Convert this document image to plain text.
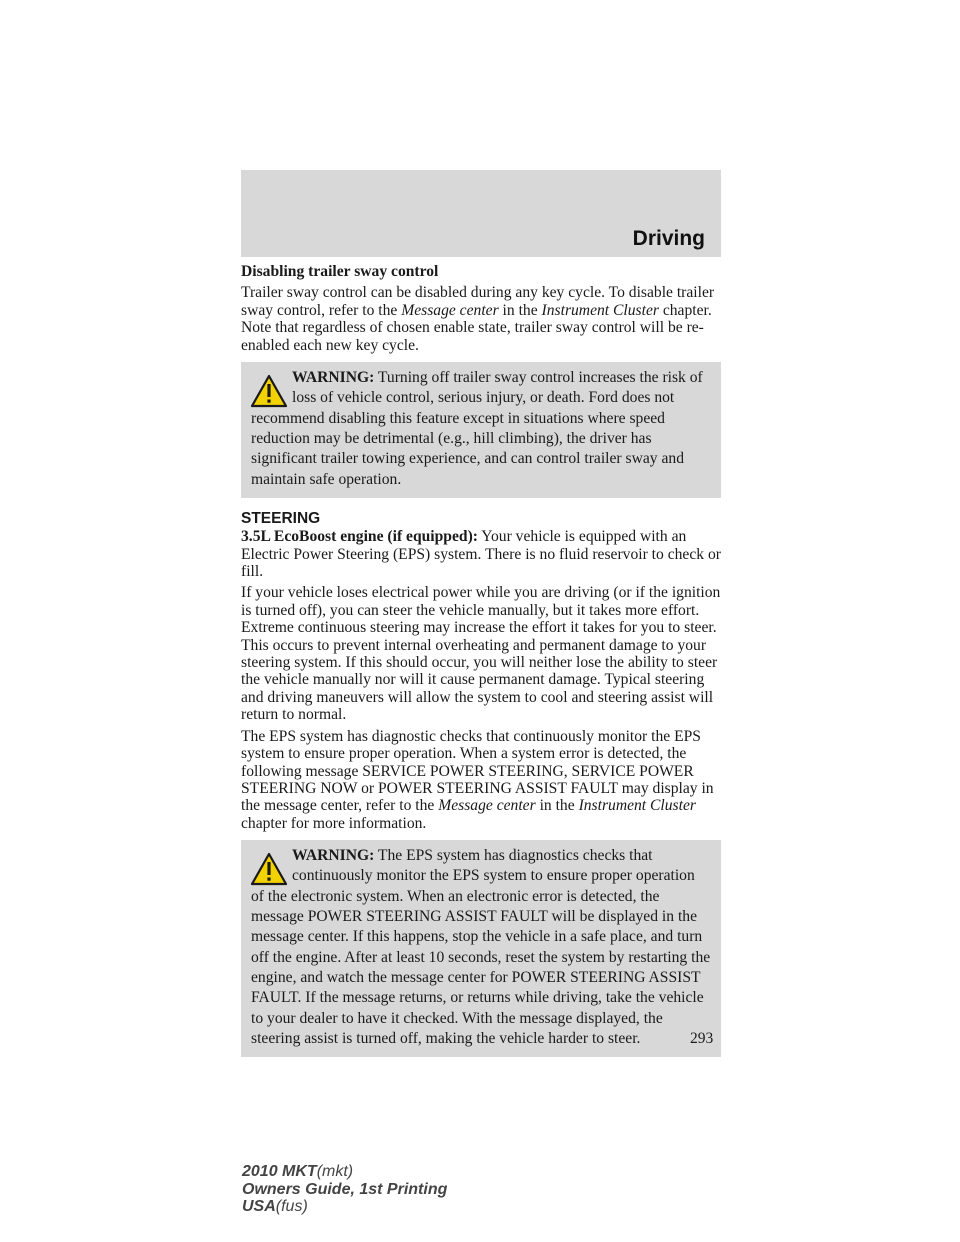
Driving

Disabling trailer sway control

Trailer sway control can be disabled during any key cycle. To disable trailer sway control, refer to the Message center in the Instrument Cluster chapter. Note that regardless of chosen enable state, trailer sway control will be re-enabled each new key cycle.

WARNING: Turning off trailer sway control increases the risk of
loss of vehicle control, serious injury, or death. Ford does not
recommend disabling this feature except in situations where speed reduction may be detrimental (e.g., hill climbing), the driver has significant trailer towing experience, and can control trailer sway and maintain safe operation.
STEERING

3.5L EcoBoost engine (if equipped): Your vehicle is equipped with an Electric Power Steering (EPS) system. There is no fluid reservoir to check or fill.

If your vehicle loses electrical power while you are driving (or if the ignition is turned off), you can steer the vehicle manually, but it takes more effort. Extreme continuous steering may increase the effort it takes for you to steer. This occurs to prevent internal overheating and permanent damage to your steering system. If this should occur, you will neither lose the ability to steer the vehicle manually nor will it cause permanent damage. Typical steering and driving maneuvers will allow the system to cool and steering assist will return to normal.

The EPS system has diagnostic checks that continuously monitor the EPS system to ensure proper operation. When a system error is detected, the following message SERVICE POWER STEERING, SERVICE POWER STEERING NOW or POWER STEERING ASSIST FAULT may display in the message center, refer to the Message center in the Instrument Cluster chapter for more information.

WARNING: The EPS system has diagnostics checks that
continuously monitor the EPS system to ensure proper operation
of the electronic system. When an electronic error is detected, the message POWER STEERING ASSIST FAULT will be displayed in the message center. If this happens, stop the vehicle in a safe place, and turn off the engine. After at least 10 seconds, reset the system by restarting the engine, and watch the message center for POWER STEERING ASSIST FAULT. If the message returns, or returns while driving, take the vehicle to your dealer to have it checked. With the message displayed, the steering assist is turned off, making the vehicle harder to steer.	293
2010 MKT(mkt)
Owners Guide, 1st Printing
USA(fus)
